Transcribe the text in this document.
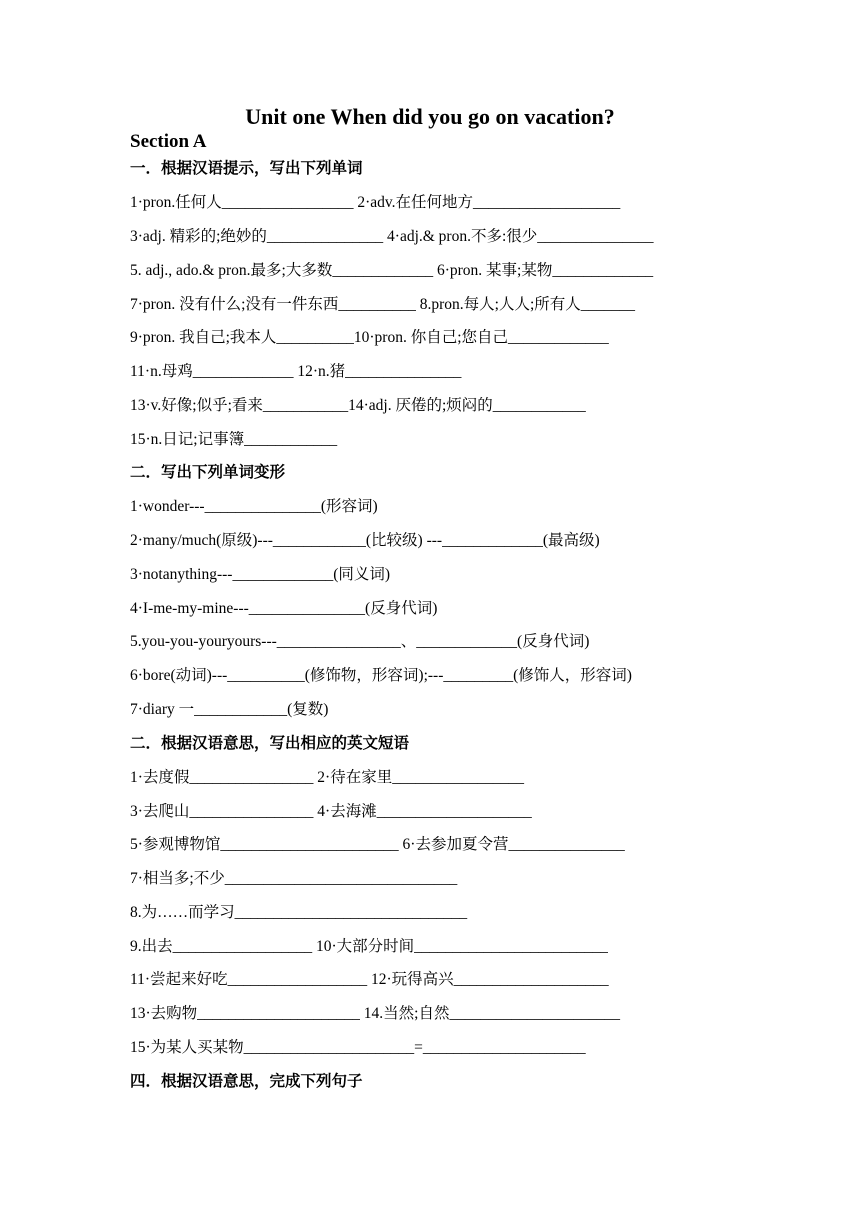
Unit one When did you go on vacation?
Section A
一．根据汉语提示，写出下列单词
1·pron.任何人_________________ 2·adv.在任何地方___________________
3·adj. 精彩的;绝妙的_______________ 4·adj.& pron.不多:很少_______________
5. adj., ado.& pron.最多;大多数_____________ 6·pron. 某事;某物_____________
7·pron. 没有什么;没有一件东西__________ 8.pron.每人;人人;所有人_______
9·pron. 我自己;我本人__________10·pron. 你自己;您自己_____________
11·n.母鸡_____________ 12·n.猪_______________
13·v.好像;似乎;看来___________14·adj. 厌倦的;烦闷的____________
15·n.日记;记事簿____________
二．写出下列单词变形
1·wonder---_______________(形容词)
2·many/much(原级)---____________(比较级) ---_____________(最高级)
3·notanything---_____________(同义词)
4·I-me-my-mine---_______________(反身代词)
5.you-you-youryours---________________、_____________(反身代词)
6·bore(动词)---__________(修饰物，形容词);---_________(修饰人，形容词)
7·diary 一____________(复数)
二．根据汉语意思，写出相应的英文短语
1·去度假________________ 2·待在家里_________________
3·去爬山________________ 4·去海滩____________________
5·参观博物馆_______________________ 6·去参加夏令营_______________
7·相当多;不少______________________________
8.为……而学习______________________________
9.出去__________________ 10·大部分时间_________________________
11·尝起来好吃__________________ 12·玩得高兴____________________
13·去购物_____________________ 14.当然;自然______________________
15·为某人买某物______________________=_____________________
四．根据汉语意思，完成下列句子
